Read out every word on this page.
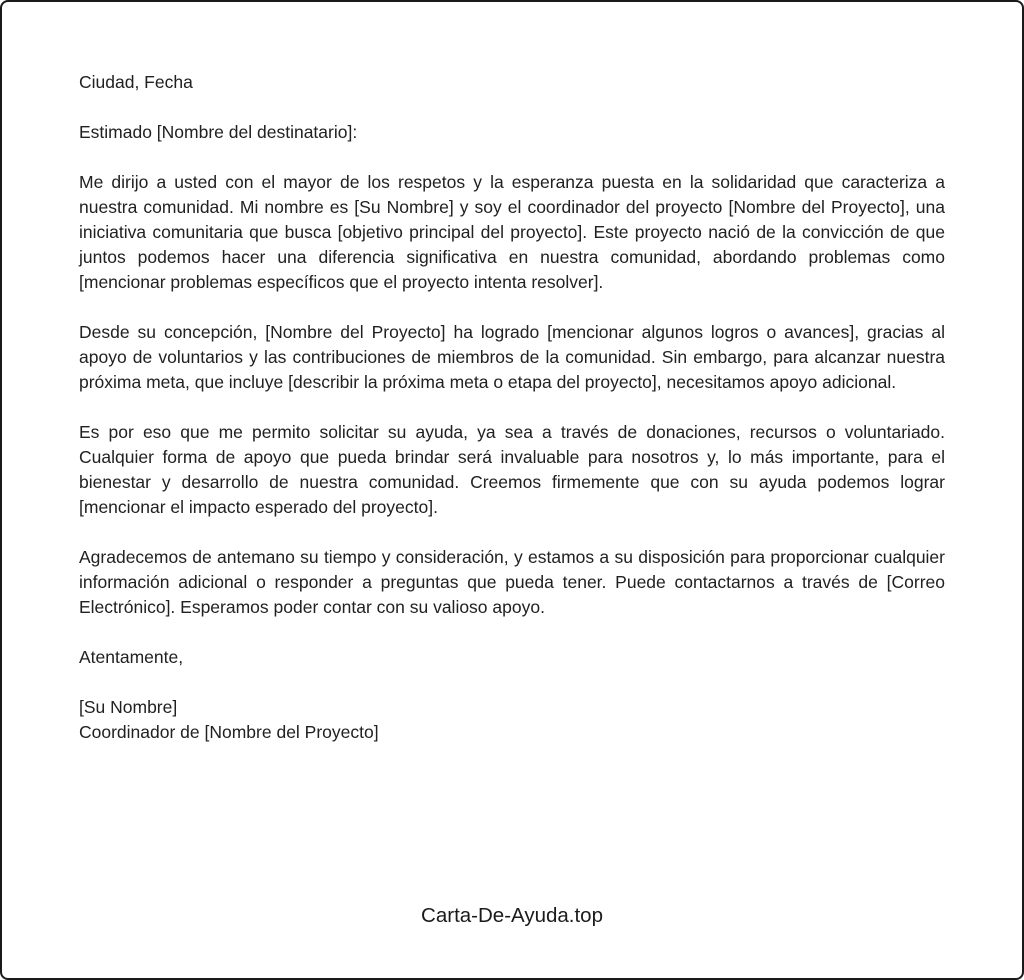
Ciudad, Fecha

Estimado [Nombre del destinatario]:

Me dirijo a usted con el mayor de los respetos y la esperanza puesta en la solidaridad que caracteriza a nuestra comunidad. Mi nombre es [Su Nombre] y soy el coordinador del proyecto [Nombre del Proyecto], una iniciativa comunitaria que busca [objetivo principal del proyecto]. Este proyecto nació de la convicción de que juntos podemos hacer una diferencia significativa en nuestra comunidad, abordando problemas como [mencionar problemas específicos que el proyecto intenta resolver].

Desde su concepción, [Nombre del Proyecto] ha logrado [mencionar algunos logros o avances], gracias al apoyo de voluntarios y las contribuciones de miembros de la comunidad. Sin embargo, para alcanzar nuestra próxima meta, que incluye [describir la próxima meta o etapa del proyecto], necesitamos apoyo adicional.

Es por eso que me permito solicitar su ayuda, ya sea a través de donaciones, recursos o voluntariado. Cualquier forma de apoyo que pueda brindar será invaluable para nosotros y, lo más importante, para el bienestar y desarrollo de nuestra comunidad. Creemos firmemente que con su ayuda podemos lograr [mencionar el impacto esperado del proyecto].

Agradecemos de antemano su tiempo y consideración, y estamos a su disposición para proporcionar cualquier información adicional o responder a preguntas que pueda tener. Puede contactarnos a través de [Correo Electrónico]. Esperamos poder contar con su valioso apoyo.

Atentamente,

[Su Nombre]

Coordinador de [Nombre del Proyecto]

Carta-De-Ayuda.top
